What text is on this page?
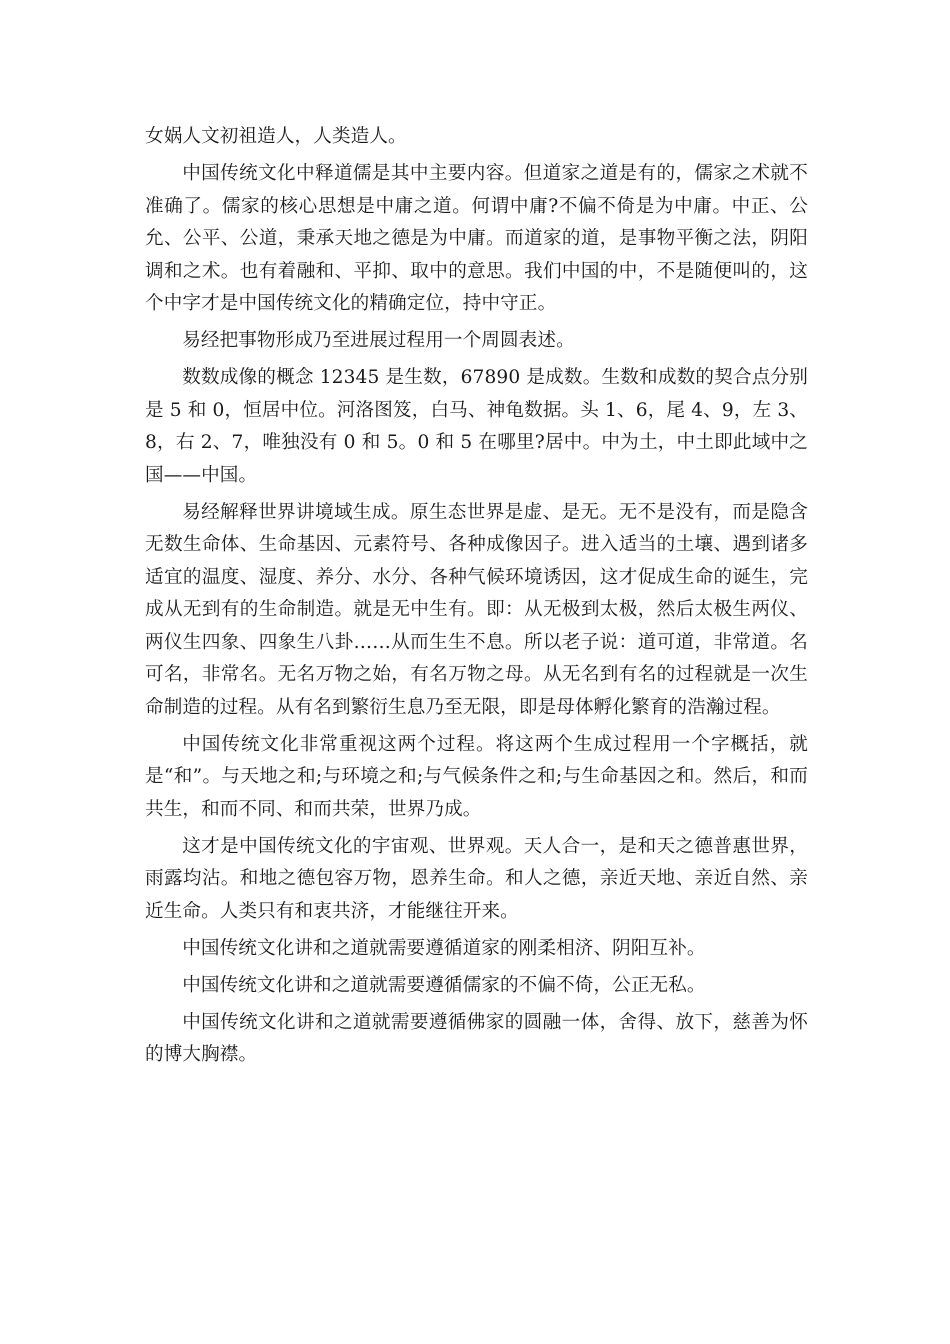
女娲人文初祖造人，人类造人。

中国传统文化中释道儒是其中主要内容。但道家之道是有的，儒家之术就不准确了。儒家的核心思想是中庸之道。何谓中庸?不偏不倚是为中庸。中正、公允、公平、公道，秉承天地之德是为中庸。而道家的道，是事物平衡之法，阴阳调和之术。也有着融和、平抑、取中的意思。我们中国的中，不是随便叫的，这个中字才是中国传统文化的精确定位，持中守正。

易经把事物形成乃至进展过程用一个周圆表述。

数数成像的概念 12345 是生数，67890 是成数。生数和成数的契合点分别是 5 和 0，恒居中位。河洛图笈，白马、神龟数据。头 1、6，尾 4、9，左 3、8，右 2、7，唯独没有 0 和 5。0 和 5 在哪里?居中。中为土，中土即此域中之国——中国。

易经解释世界讲境域生成。原生态世界是虚、是无。无不是没有，而是隐含无数生命体、生命基因、元素符号、各种成像因子。进入适当的土壤、遇到诸多适宜的温度、湿度、养分、水分、各种气候环境诱因，这才促成生命的诞生，完成从无到有的生命制造。就是无中生有。即：从无极到太极，然后太极生两仪、两仪生四象、四象生八卦……从而生生不息。所以老子说：道可道，非常道。名可名，非常名。无名万物之始，有名万物之母。从无名到有名的过程就是一次生命制造的过程。从有名到繁衍生息乃至无限，即是母体孵化繁育的浩瀚过程。

中国传统文化非常重视这两个过程。将这两个生成过程用一个字概括，就是“和”。与天地之和;与环境之和;与气候条件之和;与生命基因之和。然后，和而共生，和而不同、和而共荣，世界乃成。

这才是中国传统文化的宇宙观、世界观。天人合一，是和天之德普惠世界，雨露均沾。和地之德包容万物，恩养生命。和人之德，亲近天地、亲近自然、亲近生命。人类只有和衷共济，才能继往开来。

中国传统文化讲和之道就需要遵循道家的刚柔相济、阴阳互补。

中国传统文化讲和之道就需要遵循儒家的不偏不倚，公正无私。

中国传统文化讲和之道就需要遵循佛家的圆融一体，舍得、放下，慈善为怀的博大胸襟。
